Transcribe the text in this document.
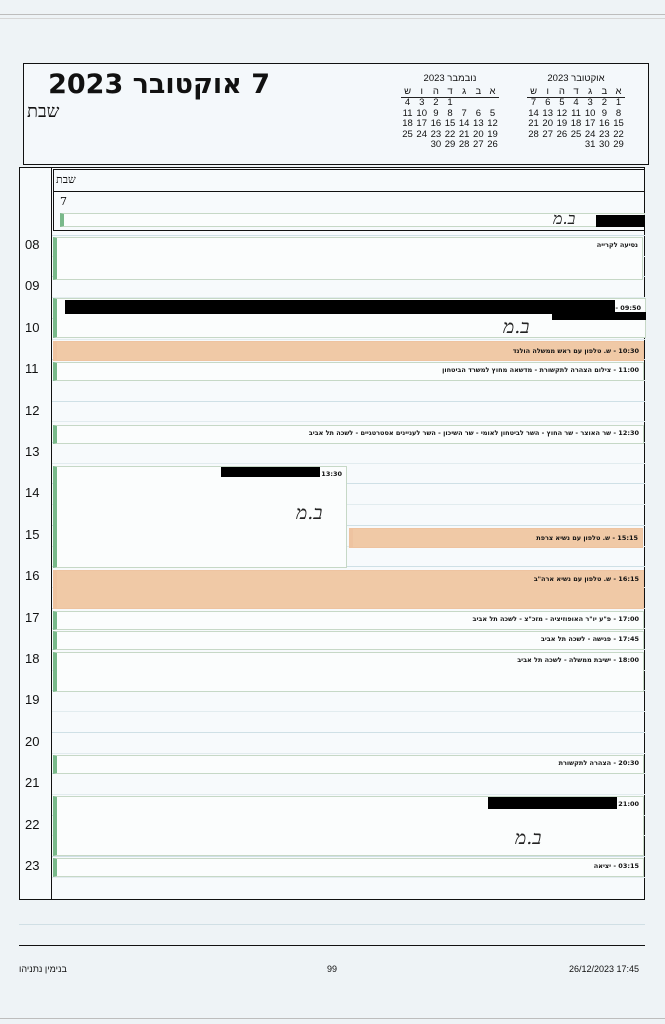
7 אוקטובר 2023
שבת
אוקטובר 2023
א
ב
ג
ד
ה
ו
ש
1
2
3
4
5
6
7
8
9
10
11
12
13
14
15
16
17
18
19
20
21
22
23
24
25
26
27
28
29
30
31
נובמבר 2023
א
ב
ג
ד
ה
ו
ש
1
2
3
4
5
6
7
8
9
10
11
12
13
14
15
16
17
18
19
20
21
22
23
24
25
26
27
28
29
30
שבת
7
ב.מ
08
09
10
11
12
13
14
15
16
17
18
19
20
21
22
23
נסיעה לקרייה
09:50 -
ב.מ
10:30 - ש. טלפון עם ראש ממשלה הולנד
11:00 - צילום הצהרה לתקשורת - מדשאה מחוץ למשרד הביטחון
12:30 - שר האוצר - שר החוץ - השר לביטחון לאומי - שר השיכון - השר לעניינים אסטרטגיים - לשכה תל אביב
13:30
ב.מ
15:15 - ש. טלפון עם נשיא צרפת
16:15 - ש. טלפון עם נשיא ארה"ב
17:00 - פ"ע יו"ר האופוזיציה - מזכ"צ - לשכה תל אביב
17:45 - פגישה - לשכה תל אביב
18:00 - ישיבת ממשלה - לשכה תל אביב
20:30 - הצהרה לתקשורת
21:00
ב.מ
03:15 - יציאה
בנימין נתניהו	99	26/12/2023 17:45
